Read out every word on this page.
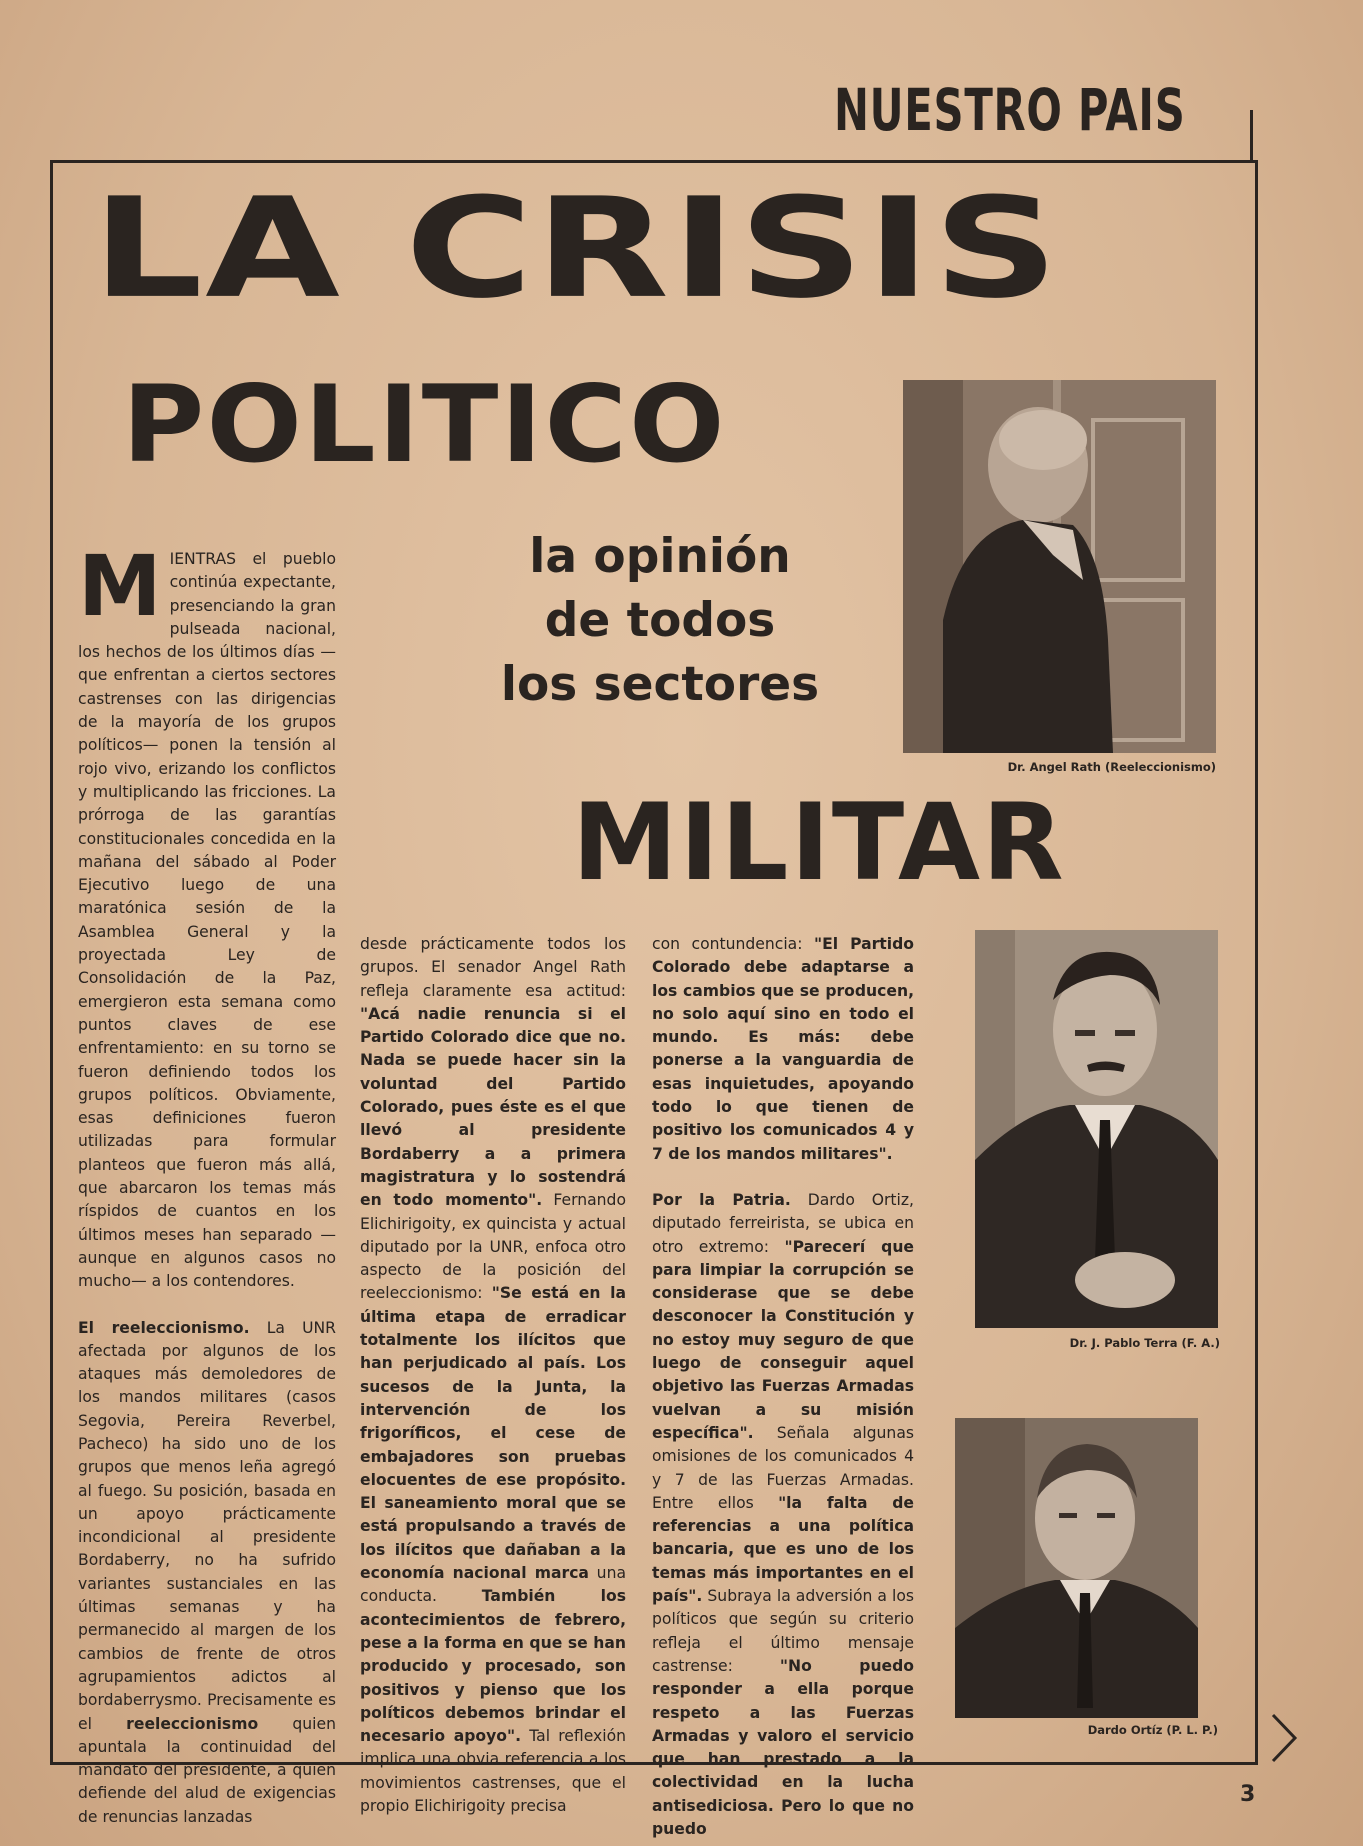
NUESTRO PAIS
LA CRISIS
POLITICO
MILITAR
la opinión
de todos
los sectores
Dr. Angel Rath (Reeleccionismo)
Dr. J. Pablo Terra (F. A.)
Dardo Ortíz (P. L. P.)

MIENTRAS el pueblo continúa expectante, presenciando la gran pulseada nacional, los hechos de los últimos días —que enfrentan a ciertos sectores castrenses con las dirigencias de la mayoría de los grupos políticos— ponen la tensión al rojo vivo, erizando los conflictos y multiplicando las fricciones. La prórroga de las garantías constitucionales concedida en la mañana del sábado al Poder Ejecutivo luego de una maratónica sesión de la Asamblea General y la proyectada Ley de Consolidación de la Paz, emergieron esta semana como puntos claves de ese enfrentamiento: en su torno se fueron definiendo todos los grupos políticos. Obviamente, esas definiciones fueron utilizadas para formular planteos que fueron más allá, que abarcaron los temas más ríspidos de cuantos en los últimos meses han separado —aunque en algunos casos no mucho— a los contendores.

El reeleccionismo. La UNR afectada por algunos de los ataques más demoledores de los mandos militares (casos Segovia, Pereira Reverbel, Pacheco) ha sido uno de los grupos que menos leña agregó al fuego. Su posición, basada en un apoyo prácticamente incondicional al presidente Bordaberry, no ha sufrido variantes sustanciales en las últimas semanas y ha permanecido al margen de los cambios de frente de otros agrupamientos adictos al bordaberrysmo. Precisamente es el reeleccionismo quien apuntala la continuidad del mandato del presidente, a quien defiende del alud de exigencias de renuncias lanzadas

desde prácticamente todos los grupos. El senador Angel Rath refleja claramente esa actitud: "Acá nadie renuncia si el Partido Colorado dice que no. Nada se puede hacer sin la voluntad del Partido Colorado, pues éste es el que llevó al presidente Bordaberry a a primera magistratura y lo sostendrá en todo momento". Fernando Elichirigoity, ex quincista y actual diputado por la UNR, enfoca otro aspecto de la posición del reeleccionismo: "Se está en la última etapa de erradicar totalmente los ilícitos que han perjudicado al país. Los sucesos de la Junta, la intervención de los frigoríficos, el cese de embajadores son pruebas elocuentes de ese propósito. El saneamiento moral que se está propulsando a través de los ilícitos que dañaban a la economía nacional marca una conducta. También los acontecimientos de febrero, pese a la forma en que se han producido y procesado, son positivos y pienso que los políticos debemos brindar el necesario apoyo". Tal reflexión implica una obvia referencia a los movimientos castrenses, que el propio Elichirigoity precisa

con contundencia: "El Partido Colorado debe adaptarse a los cambios que se producen, no solo aquí sino en todo el mundo. Es más: debe ponerse a la vanguardia de esas inquietudes, apoyando todo lo que tienen de positivo los comunicados 4 y 7 de los mandos militares".

Por la Patria. Dardo Ortiz, diputado ferreirista, se ubica en otro extremo: "Parecerí que para limpiar la corrupción se considerase que se debe desconocer la Constitución y no estoy muy seguro de que luego de conseguir aquel objetivo las Fuerzas Armadas vuelvan a su misión específica". Señala algunas omisiones de los comunicados 4 y 7 de las Fuerzas Armadas. Entre ellos "la falta de referencias a una política bancaria, que es uno de los temas más importantes en el país". Subraya la adversión a los políticos que según su criterio refleja el último mensaje castrense: "No puedo responder a ella porque respeto a las Fuerzas Armadas y valoro el servicio que han prestado a la colectividad en la lucha antisediciosa. Pero lo que no puedo

3
